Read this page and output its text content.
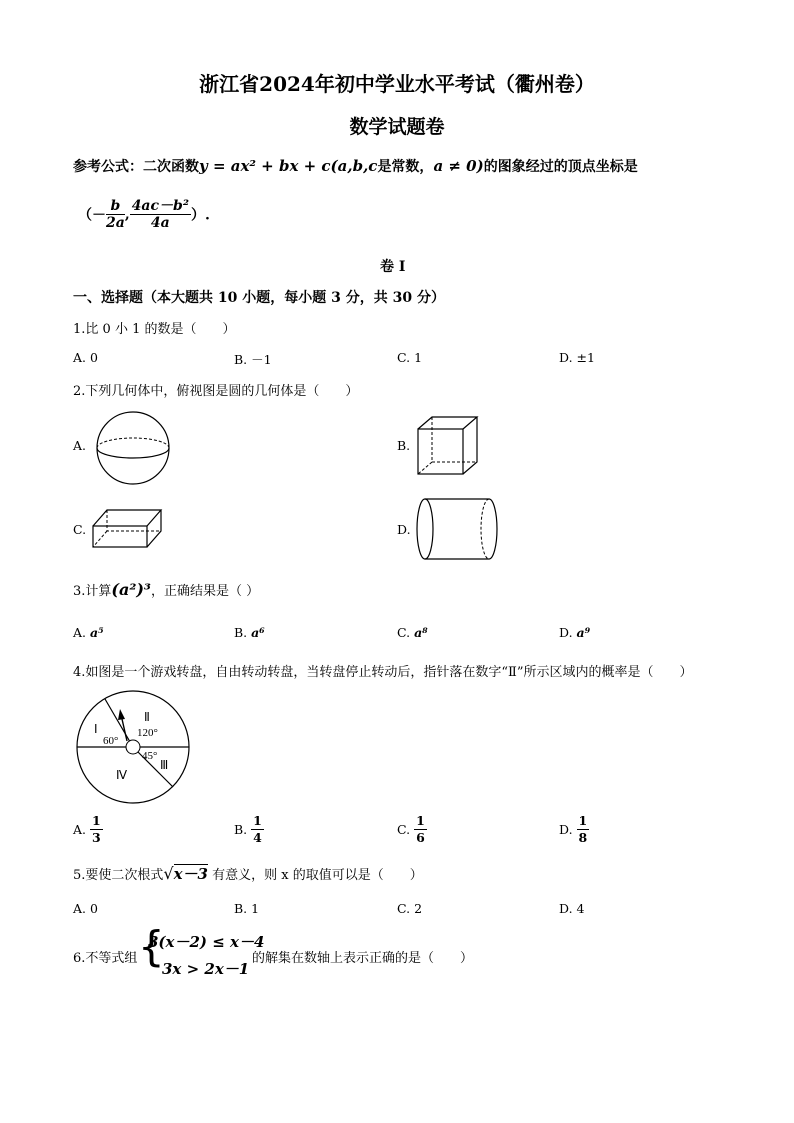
浙江省2024年初中学业水平考试（衢州卷）
数学试题卷
参考公式：二次函数y = ax² + bx + c(a,b,c是常数，a ≠ 0)的图象经过的顶点坐标是
（－ $\frac{b}{2a}$ , $\frac{\text{4ac－b²}}{4a}$ ）.
卷 I
一、选择题（本大题共 10 小题，每小题 3 分，共 30 分）
1.比 0 小 1 的数是（　　）
A. 0	B. －1	C. 1	D. ±1
2.下列几何体中，俯视图是圆的几何体是（　　）
A.	B.
C.	D.
3.计算(a²)³，正确结果是（ ）
A. a⁵	B. a⁶	C. a⁸	D. a⁹
4.如图是一个游戏转盘，自由转动转盘，当转盘停止转动后，指针落在数字“Ⅱ”所示区域内的概率是（　　）
Ⅰ
Ⅱ
Ⅲ
Ⅳ
60°
120°
45°
A. $\frac{1}{3}$	B. $\frac{1}{4}$	C. $\frac{1}{6}$	D. $\frac{1}{8}$
5.要使二次根式√x－3 有意义，则 x 的取值可以是（　　）
A. 0	B. 1	C. 2	D. 4
6.不等式组 {
3(x－2) ≤ x－4
3x > 2x－1
的解集在数轴上表示正确的是（　　）
